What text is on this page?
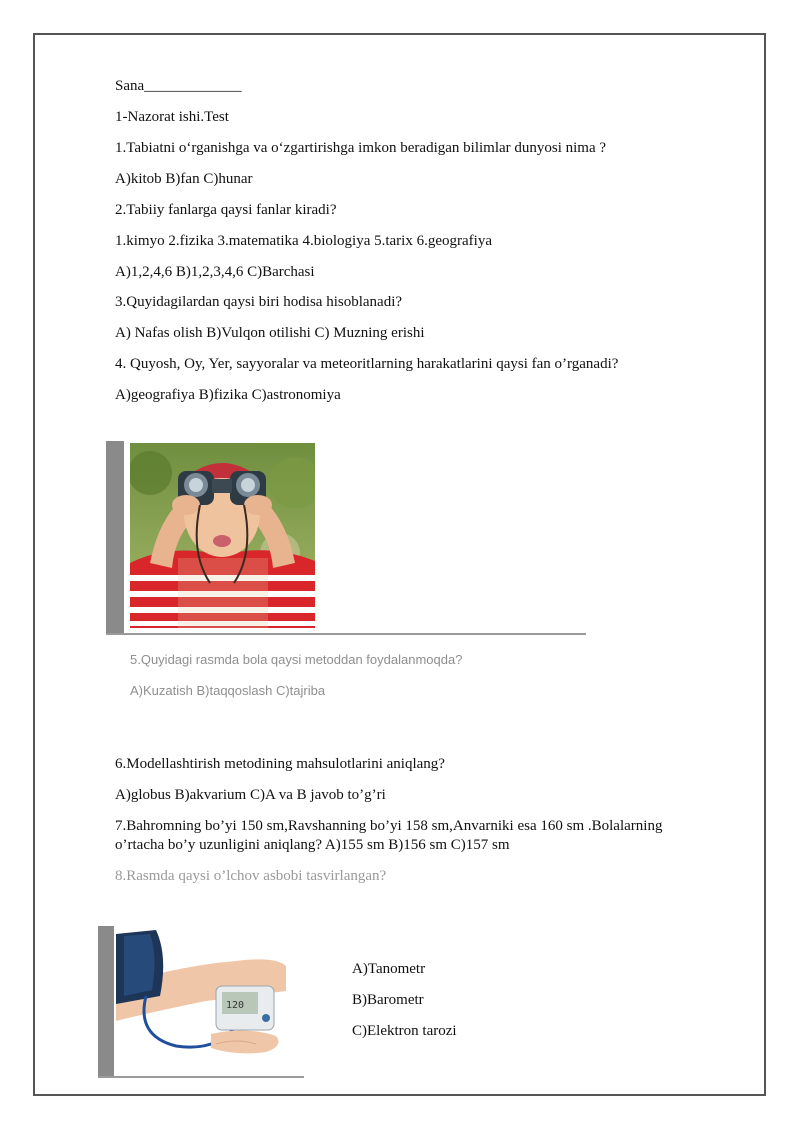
Sana_____________
1-Nazorat ishi.Test
1.Tabiatni o‘rganishga va o‘zgartirishga imkon beradigan bilimlar dunyosi nima ?
A)kitob B)fan C)hunar
2.Tabiiy fanlarga qaysi fanlar kiradi?
1.kimyo 2.fizika 3.matematika 4.biologiya 5.tarix 6.geografiya
A)1,2,4,6 B)1,2,3,4,6 C)Barchasi
3.Quyidagilardan qaysi biri hodisa hisoblanadi?
A) Nafas olish B)Vulqon otilishi C) Muzning erishi
4. Quyosh, Oy, Yer, sayyoralar va meteoritlarning harakatlarini qaysi fan o’rganadi?
A)geografiya B)fizika C)astronomiya
5.Quyidagi rasmda bola qaysi metoddan foydalanmoqda?
A)Kuzatish B)taqqoslash C)tajriba
6.Modellashtirish metodining mahsulotlarini aniqlang?
A)globus B)akvarium C)A va B javob to’g’ri
7.Bahromning bo’yi 150 sm,Ravshanning bo’yi 158 sm,Anvarniki esa 160 sm .Bolalarning
o’rtacha bo’y uzunligini aniqlang? A)155 sm B)156 sm C)157 sm
8.Rasmda qaysi o’lchov asbobi tasvirlangan?
120
A)Tanometr
B)Barometr
C)Elektron tarozi
